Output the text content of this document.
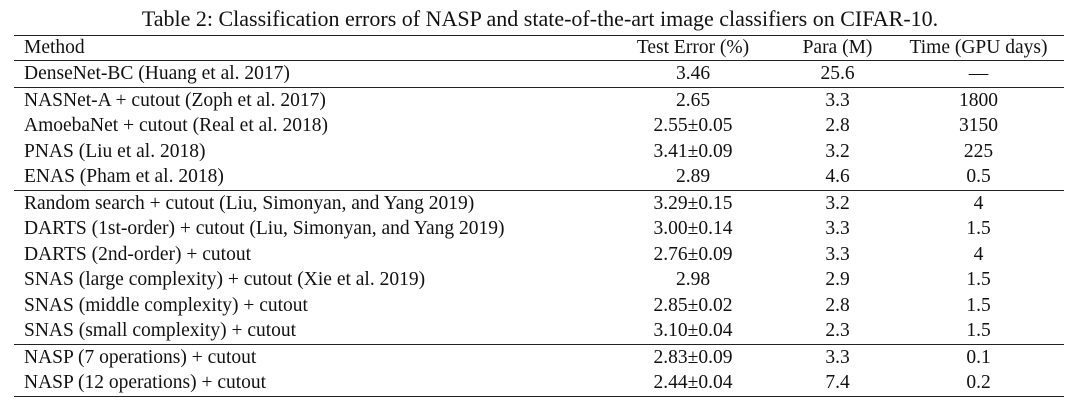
Table 2: Classification errors of NASP and state-of-the-art image classifiers on CIFAR-10.
Method	Test Error (%)	Para (M)	Time (GPU days)
DenseNet-BC (Huang et al. 2017)	3.46	25.6	—
NASNet-A + cutout (Zoph et al. 2017)	2.65	3.3	1800
AmoebaNet + cutout (Real et al. 2018)	2.55±0.05	2.8	3150
PNAS (Liu et al. 2018)	3.41±0.09	3.2	225
ENAS (Pham et al. 2018)	2.89	4.6	0.5
Random search + cutout (Liu, Simonyan, and Yang 2019)	3.29±0.15	3.2	4
DARTS (1st-order) + cutout (Liu, Simonyan, and Yang 2019)	3.00±0.14	3.3	1.5
DARTS (2nd-order) + cutout	2.76±0.09	3.3	4
SNAS (large complexity) + cutout (Xie et al. 2019)	2.98	2.9	1.5
SNAS (middle complexity) + cutout	2.85±0.02	2.8	1.5
SNAS (small complexity) + cutout	3.10±0.04	2.3	1.5
NASP (7 operations) + cutout	2.83±0.09	3.3	0.1
NASP (12 operations) + cutout	2.44±0.04	7.4	0.2
